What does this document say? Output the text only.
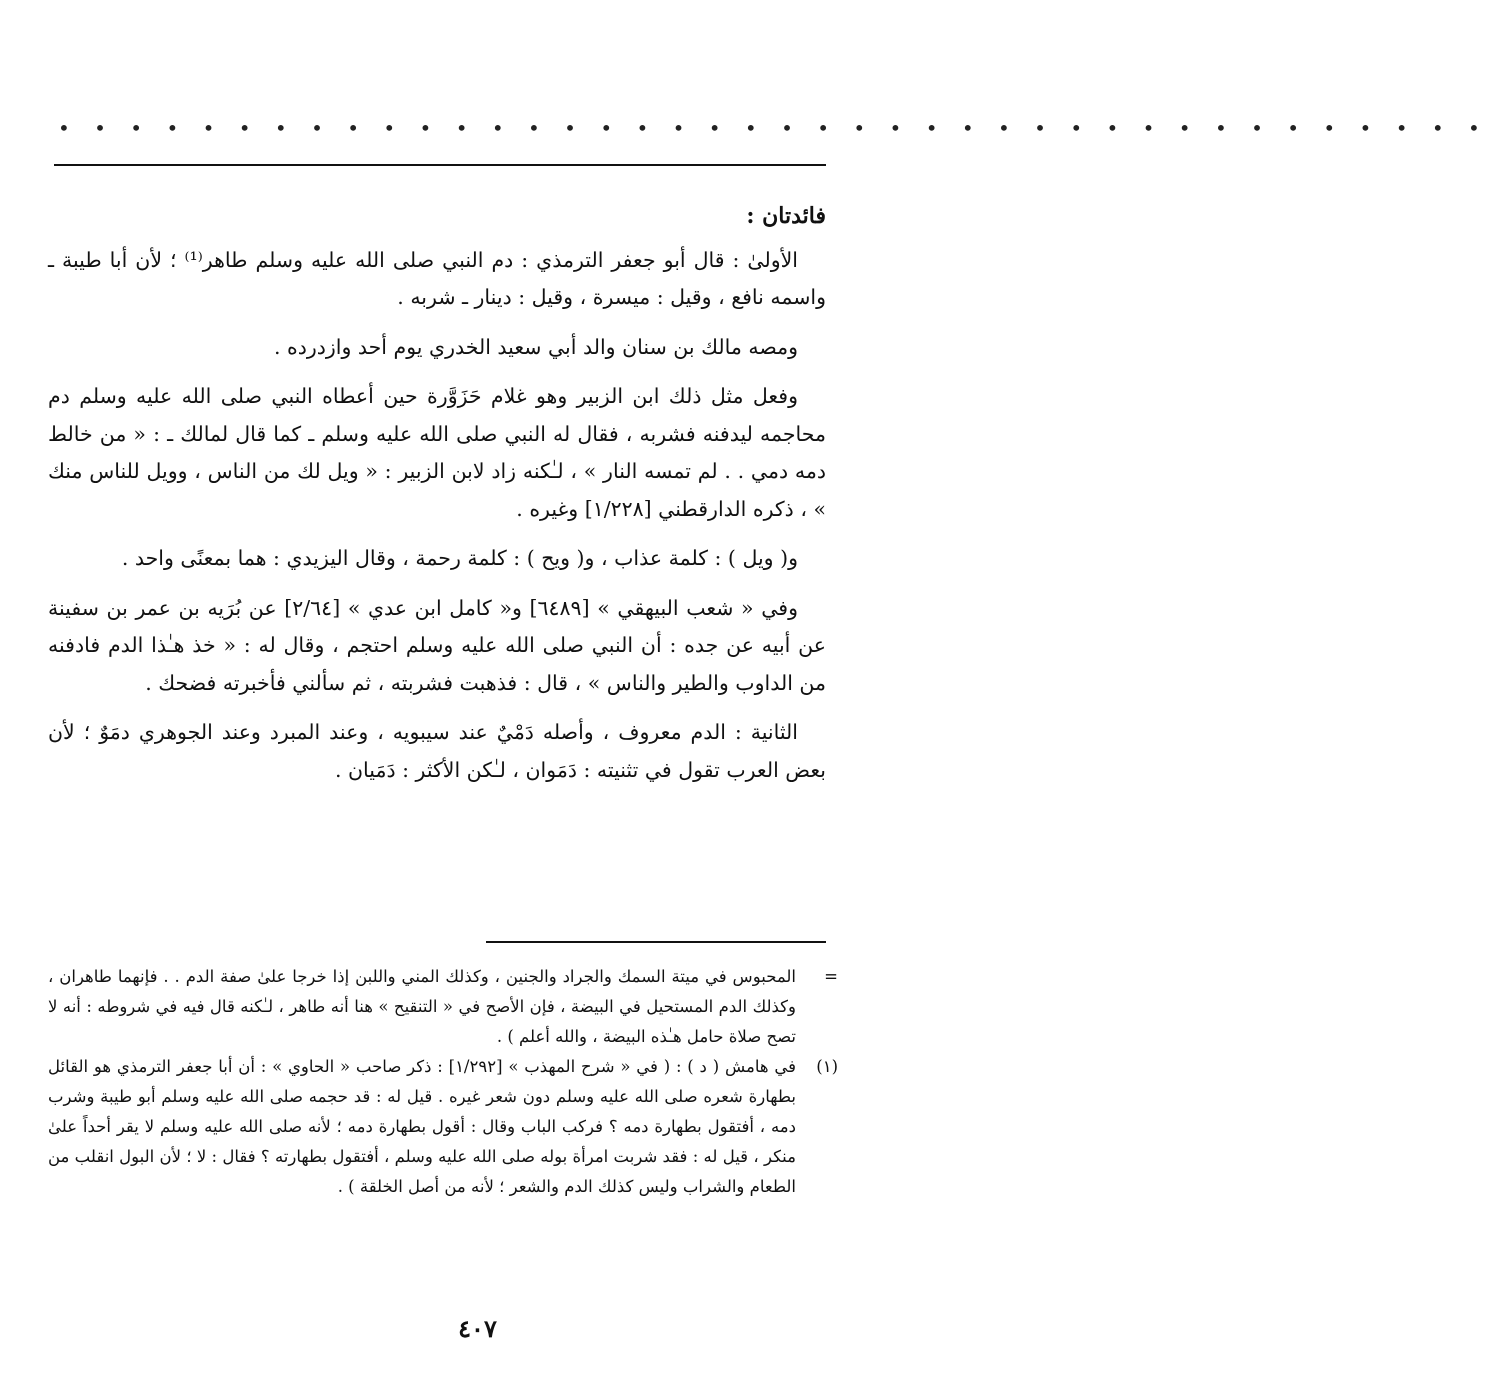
• • • • • • • • • • • • • • • • • • • • • • • • • • • • • • • • • • • • • • • •

فائدتان :

الأولىٰ : قال أبو جعفر الترمذي : دم النبي صلى الله عليه وسلم طاهر⁽¹⁾ ؛ لأن أبا طيبة ـ واسمه نافع ، وقيل : ميسرة ، وقيل : دينار ـ شربه .

ومصه مالك بن سنان والد أبي سعيد الخدري يوم أحد وازدرده .

وفعل مثل ذلك ابن الزبير وهو غلام حَزَوَّرة حين أعطاه النبي صلى الله عليه وسلم دم محاجمه ليدفنه فشربه ، فقال له النبي صلى الله عليه وسلم ـ كما قال لمالك ـ : « من خالط دمه دمي . . لم تمسه النار » ، لـٰكنه زاد لابن الزبير : « ويل لك من الناس ، وويل للناس منك » ، ذكره الدارقطني [١/٢٢٨] وغيره .

و( ويل ) : كلمة عذاب ، و( ويح ) : كلمة رحمة ، وقال اليزيدي : هما بمعنًى واحد .

وفي « شعب البيهقي » [٦٤٨٩] و« كامل ابن عدي » [٢/٦٤] عن بُرَيه بن عمر بن سفينة عن أبيه عن جده : أن النبي صلى الله عليه وسلم احتجم ، وقال له : « خذ هـٰذا الدم فادفنه من الداوب والطير والناس » ، قال : فذهبت فشربته ، ثم سألني فأخبرته فضحك .

الثانية : الدم معروف ، وأصله دَمْيٌ عند سيبويه ، وعند المبرد وعند الجوهري دمَوٌ ؛ لأن بعض العرب تقول في تثنيته : دَمَوان ، لـٰكن الأكثر : دَمَيان .

=
المحبوس في ميتة السمك والجراد والجنين ، وكذلك المني واللبن إذا خرجا علىٰ صفة الدم . . فإنهما طاهران ، وكذلك الدم المستحيل في البيضة ، فإن الأصح في « التنقيح » هنا أنه طاهر ، لـٰكنه قال فيه في شروطه : أنه لا تصح صلاة حامل هـٰذه البيضة ، والله أعلم ) .
(١)
في هامش ( د ) : ( في « شرح المهذب » [١/٢٩٢] : ذكر صاحب « الحاوي » : أن أبا جعفر الترمذي هو القائل بطهارة شعره صلى الله عليه وسلم دون شعر غيره . قيل له : قد حجمه صلى الله عليه وسلم أبو طيبة وشرب دمه ، أفتقول بطهارة دمه ؟ فركب الباب وقال : أقول بطهارة دمه ؛ لأنه صلى الله عليه وسلم لا يقر أحداً علىٰ منكر ، قيل له : فقد شربت امرأة بوله صلى الله عليه وسلم ، أفتقول بطهارته ؟ فقال : لا ؛ لأن البول انقلب من الطعام والشراب وليس كذلك الدم والشعر ؛ لأنه من أصل الخلقة ) .
٤٠٧
